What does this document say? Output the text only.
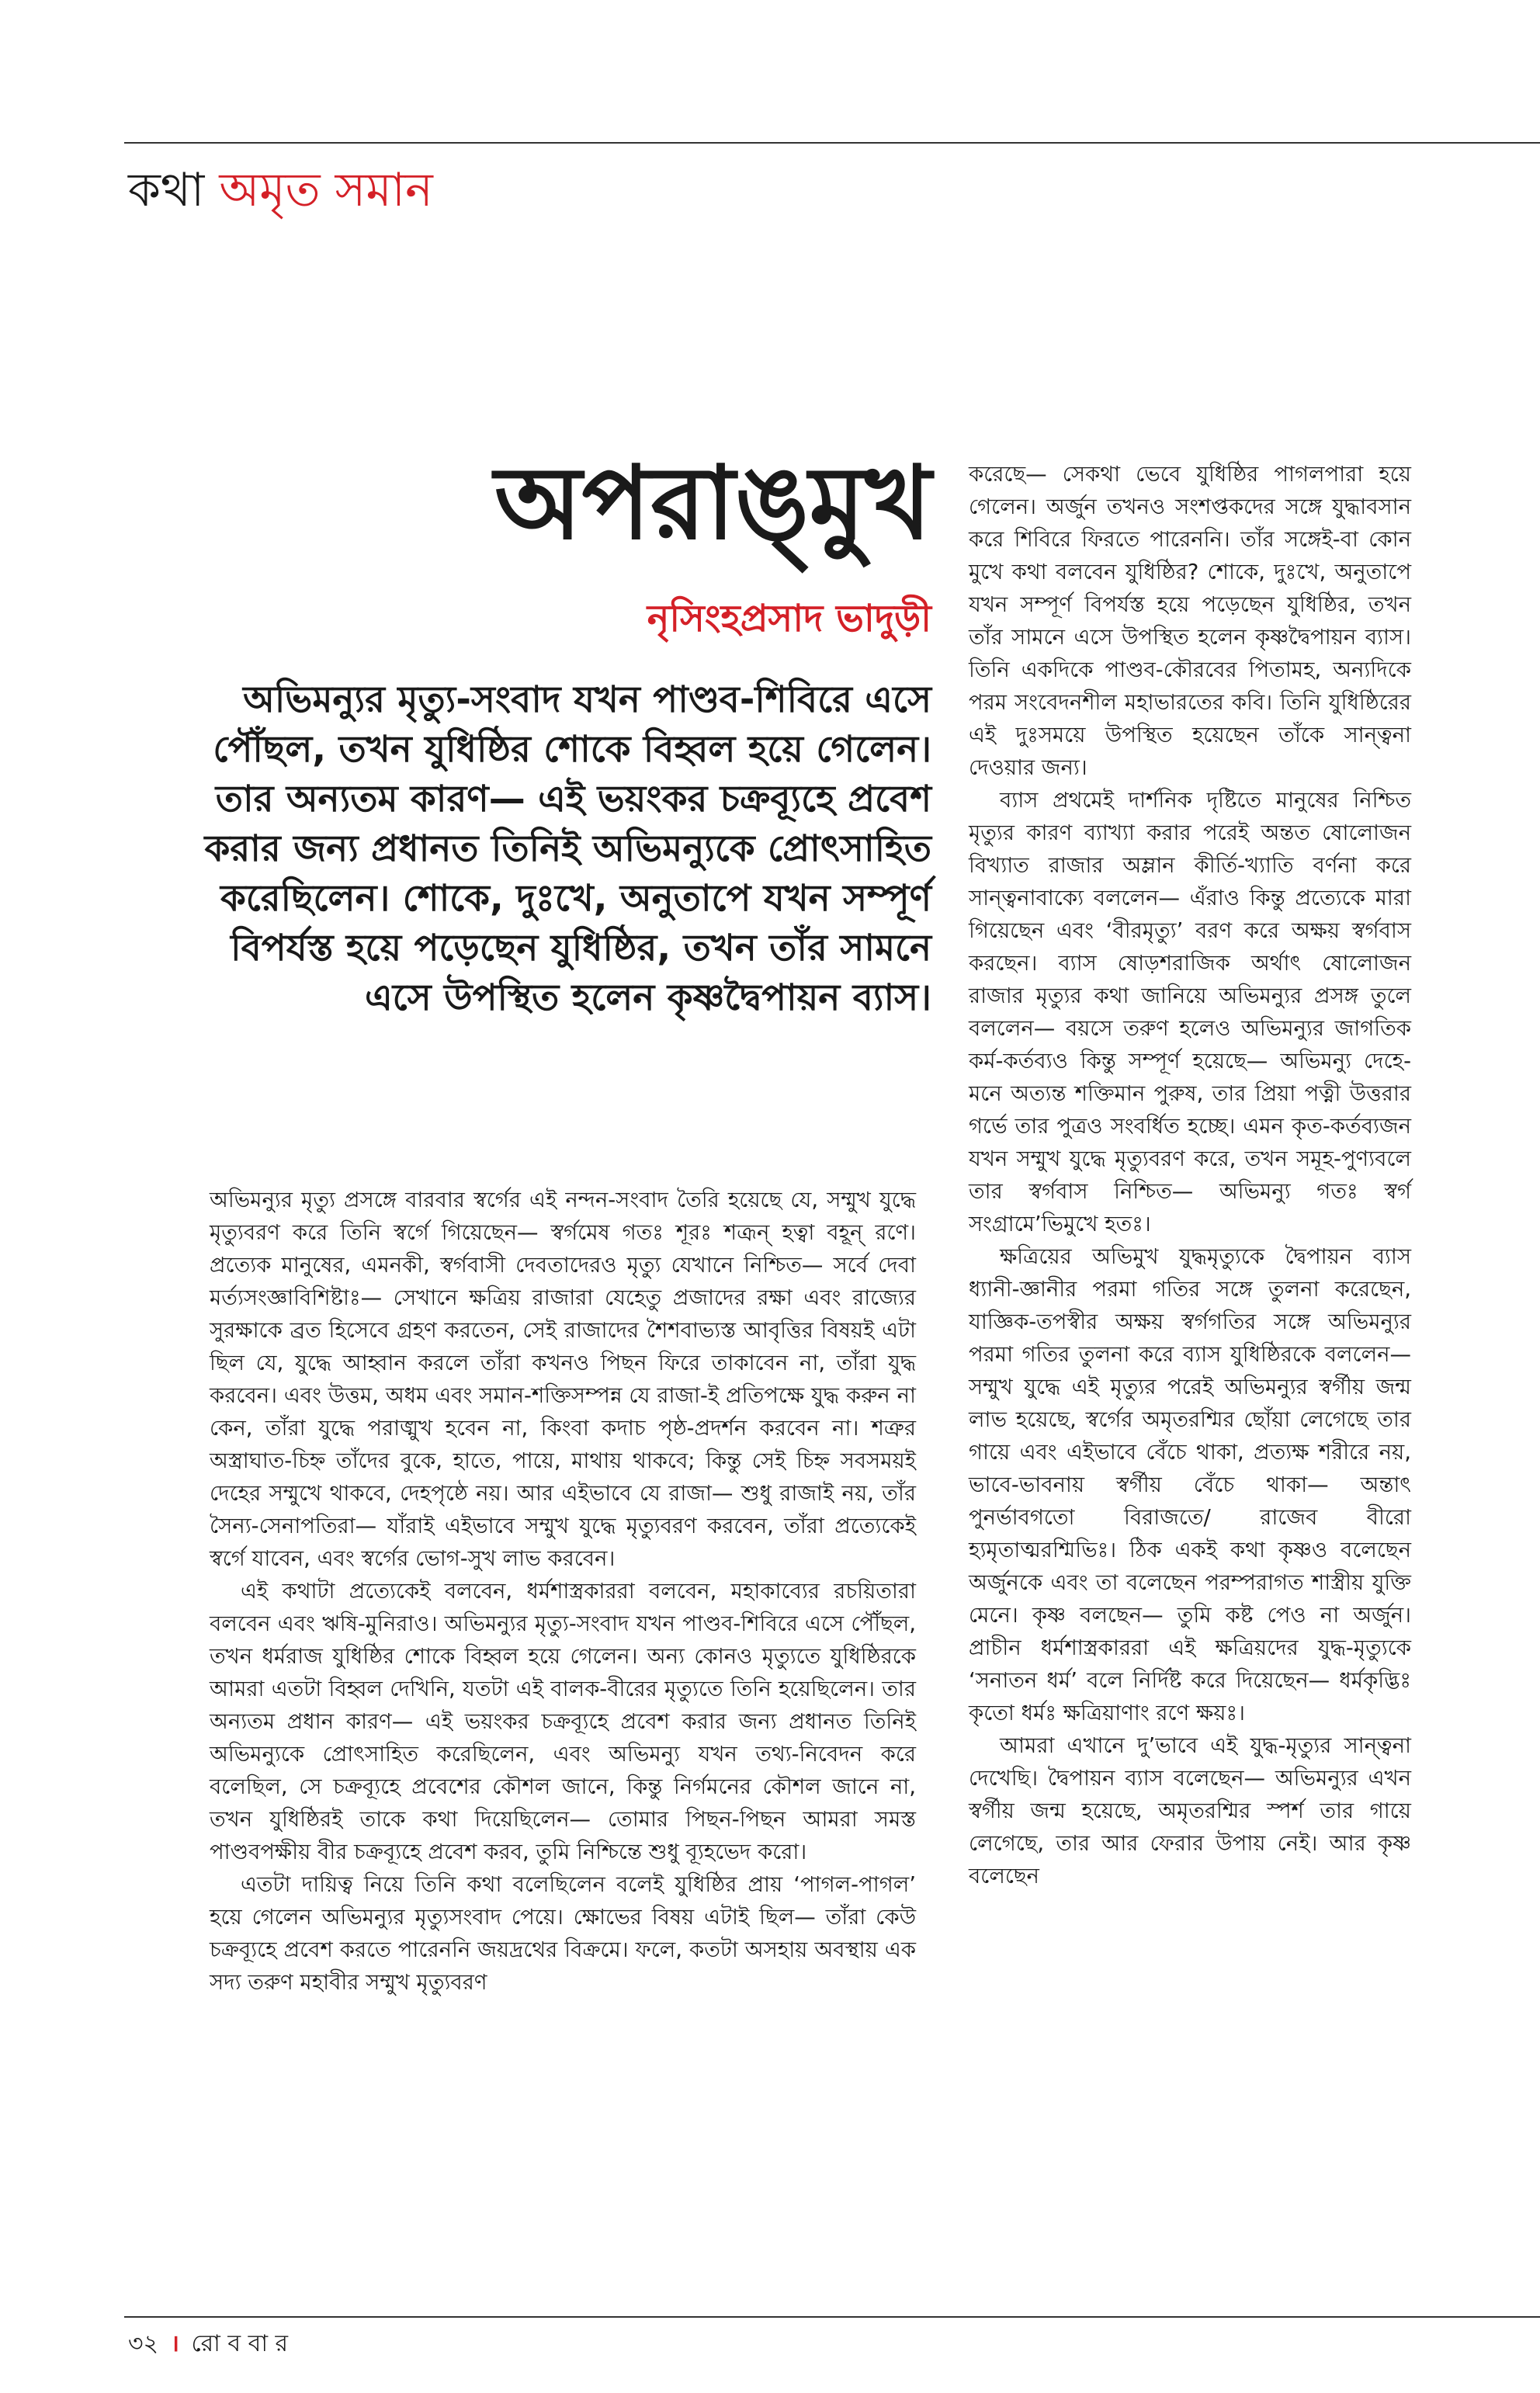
কথা অমৃত সমান
অপরাঙ্‌মুখ
নৃসিংহপ্রসাদ ভাদুড়ী

অভিমন্যুর মৃত্যু-সংবাদ যখন পাণ্ডব-শিবিরে এসে পৌঁছল, তখন যুধিষ্ঠির শোকে বিহ্বল হয়ে গেলেন। তার অন্যতম কারণ— এই ভয়ংকর চক্রব্যূহে প্রবেশ করার জন্য প্রধানত তিনিই অভিমন্যুকে প্রোৎসাহিত করেছিলেন। শোকে, দুঃখে, অনুতাপে যখন সম্পূর্ণ বিপর্যস্ত হয়ে পড়েছেন যুধিষ্ঠির, তখন তাঁর সামনে এসে উপস্থিত হলেন কৃষ্ণদ্বৈপায়ন ব্যাস।

অভিমন্যুর মৃত্যু প্রসঙ্গে বারবার স্বর্গের এই নন্দন-সংবাদ তৈরি হয়েছে যে, সম্মুখ যুদ্ধে মৃত্যুবরণ করে তিনি স্বর্গে গিয়েছেন— স্বর্গমেষ গতঃ শূরঃ শত্রূন্‌ হত্বা বহূন্‌ রণে। প্রত্যেক মানুষের, এমনকী, স্বর্গবাসী দেবতাদেরও মৃত্যু যেখানে নিশ্চিত— সর্বে দেবা মর্ত্যসংজ্ঞাবিশিষ্টাঃ— সেখানে ক্ষত্রিয় রাজারা যেহেতু প্রজাদের রক্ষা এবং রাজ্যের সুরক্ষাকে ব্রত হিসেবে গ্রহণ করতেন, সেই রাজাদের শৈশবাভ্যস্ত আবৃত্তির বিষয়ই এটা ছিল যে, যুদ্ধে আহ্বান করলে তাঁরা কখনও পিছন ফিরে তাকাবেন না, তাঁরা যুদ্ধ করবেন। এবং উত্তম, অধম এবং সমান-শক্তিসম্পন্ন যে রাজা-ই প্রতিপক্ষে যুদ্ধ করুন না কেন, তাঁরা যুদ্ধে পরাঙ্মুখ হবেন না, কিংবা কদাচ পৃষ্ঠ-প্রদর্শন করবেন না। শত্রুর অস্ত্রাঘাত-চিহ্ন তাঁদের বুকে, হাতে, পায়ে, মাথায় থাকবে; কিন্তু সেই চিহ্ন সবসময়ই দেহের সম্মুখে থাকবে, দেহপৃষ্ঠে নয়। আর এইভাবে যে রাজা— শুধু রাজাই নয়, তাঁর সৈন্য-সেনাপতিরা— যাঁরাই এইভাবে সম্মুখ যুদ্ধে মৃত্যুবরণ করবেন, তাঁরা প্রত্যেকেই স্বর্গে যাবেন, এবং স্বর্গের ভোগ-সুখ লাভ করবেন।

এই কথাটা প্রত্যেকেই বলবেন, ধর্মশাস্ত্রকাররা বলবেন, মহাকাব্যের রচয়িতারা বলবেন এবং ঋষি-মুনিরাও। অভিমন্যুর মৃত্যু-সংবাদ যখন পাণ্ডব-শিবিরে এসে পৌঁছল, তখন ধর্মরাজ যুধিষ্ঠির শোকে বিহ্বল হয়ে গেলেন। অন্য কোনও মৃত্যুতে যুধিষ্ঠিরকে আমরা এতটা বিহ্বল দেখিনি, যতটা এই বালক-বীরের মৃত্যুতে তিনি হয়েছিলেন। তার অন্যতম প্রধান কারণ— এই ভয়ংকর চক্রব্যূহে প্রবেশ করার জন্য প্রধানত তিনিই অভিমন্যুকে প্রোৎসাহিত করেছিলেন, এবং অভিমন্যু যখন তথ্য-নিবেদন করে বলেছিল, সে চক্রব্যূহে প্রবেশের কৌশল জানে, কিন্তু নির্গমনের কৌশল জানে না, তখন যুধিষ্ঠিরই তাকে কথা দিয়েছিলেন— তোমার পিছন-পিছন আমরা সমস্ত পাণ্ডবপক্ষীয় বীর চক্রব্যূহে প্রবেশ করব, তুমি নিশ্চিন্তে শুধু ব্যূহভেদ করো।

এতটা দায়িত্ব নিয়ে তিনি কথা বলেছিলেন বলেই যুধিষ্ঠির প্রায় ‘পাগল-পাগল’ হয়ে গেলেন অভিমন্যুর মৃত্যুসংবাদ পেয়ে। ক্ষোভের বিষয় এটাই ছিল— তাঁরা কেউ চক্রব্যূহে প্রবেশ করতে পারেননি জয়দ্রথের বিক্রমে। ফলে, কতটা অসহায় অবস্থায় এক সদ্য তরুণ মহাবীর সম্মুখ মৃত্যুবরণ

করেছে— সেকথা ভেবে যুধিষ্ঠির পাগলপারা হয়ে গেলেন। অর্জুন তখনও সংশপ্তকদের সঙ্গে যুদ্ধাবসান করে শিবিরে ফিরতে পারেননি। তাঁর সঙ্গেই-বা কোন মুখে কথা বলবেন যুধিষ্ঠির? শোকে, দুঃখে, অনুতাপে যখন সম্পূর্ণ বিপর্যস্ত হয়ে পড়েছেন যুধিষ্ঠির, তখন তাঁর সামনে এসে উপস্থিত হলেন কৃষ্ণদ্বৈপায়ন ব্যাস। তিনি একদিকে পাণ্ডব-কৌরবের পিতামহ, অন্যদিকে পরম সংবেদনশীল মহাভারতের কবি। তিনি যুধিষ্ঠিরের এই দুঃসময়ে উপস্থিত হয়েছেন তাঁকে সান্ত্বনা দেওয়ার জন্য।

ব্যাস প্রথমেই দার্শনিক দৃষ্টিতে মানুষের নিশ্চিত মৃত্যুর কারণ ব্যাখ্যা করার পরেই অন্তত ষোলোজন বিখ্যাত রাজার অম্লান কীর্তি-খ্যাতি বর্ণনা করে সান্ত্বনাবাক্যে বললেন— এঁরাও কিন্তু প্রত্যেকে মারা গিয়েছেন এবং ‘বীরমৃত্যু’ বরণ করে অক্ষয় স্বর্গবাস করছেন। ব্যাস ষোড়শরাজিক অর্থাৎ ষোলোজন রাজার মৃত্যুর কথা জানিয়ে অভিমন্যুর প্রসঙ্গ তুলে বললেন— বয়সে তরুণ হলেও অভিমন্যুর জাগতিক কর্ম-কর্তব্যও কিন্তু সম্পূর্ণ হয়েছে— অভিমন্যু দেহে-মনে অত্যন্ত শক্তিমান পুরুষ, তার প্রিয়া পত্নী উত্তরার গর্ভে তার পুত্রও সংবর্ধিত হচ্ছে। এমন কৃত-কর্তব্যজন যখন সম্মুখ যুদ্ধে মৃত্যুবরণ করে, তখন সমূহ-পুণ্যবলে তার স্বর্গবাস নিশ্চিত— অভিমন্যু গতঃ স্বর্গ সংগ্রামে’ভিমুখে হতঃ।

ক্ষত্রিয়ের অভিমুখ যুদ্ধমৃত্যুকে দ্বৈপায়ন ব্যাস ধ্যানী-জ্ঞানীর পরমা গতির সঙ্গে তুলনা করেছেন, যাজ্ঞিক-তপস্বীর অক্ষয় স্বর্গগতির সঙ্গে অভিমন্যুর পরমা গতির তুলনা করে ব্যাস যুধিষ্ঠিরকে বললেন— সম্মুখ যুদ্ধে এই মৃত্যুর পরেই অভিমন্যুর স্বর্গীয় জন্ম লাভ হয়েছে, স্বর্গের অমৃতরশ্মির ছোঁয়া লেগেছে তার গায়ে এবং এইভাবে বেঁচে থাকা, প্রত্যক্ষ শরীরে নয়, ভাবে-ভাবনায় স্বর্গীয় বেঁচে থাকা— অন্তাৎ পুনর্ভাবগতো বিরাজতে/ রাজেব বীরো হ্যমৃতাত্মরশ্মিভিঃ। ঠিক একই কথা কৃষ্ণও বলেছেন অর্জুনকে এবং তা বলেছেন পরম্পরাগত শাস্ত্রীয় যুক্তি মেনে। কৃষ্ণ বলছেন— তুমি কষ্ট পেও না অর্জুন। প্রাচীন ধর্মশাস্ত্রকাররা এই ক্ষত্রিয়দের যুদ্ধ-মৃত্যুকে ‘সনাতন ধর্ম’ বলে নির্দিষ্ট করে দিয়েছেন— ধর্মকৃদ্ভিঃ কৃতো ধর্মঃ ক্ষত্রিয়াণাং রণে ক্ষয়ঃ।

আমরা এখানে দু’ভাবে এই যুদ্ধ-মৃত্যুর সান্ত্বনা দেখেছি। দ্বৈপায়ন ব্যাস বলেছেন— অভিমন্যুর এখন স্বর্গীয় জন্ম হয়েছে, অমৃতরশ্মির স্পর্শ তার গায়ে লেগেছে, তার আর ফেরার উপায় নেই। আর কৃষ্ণ বলেছেন

৩২ । রো ব বা র
